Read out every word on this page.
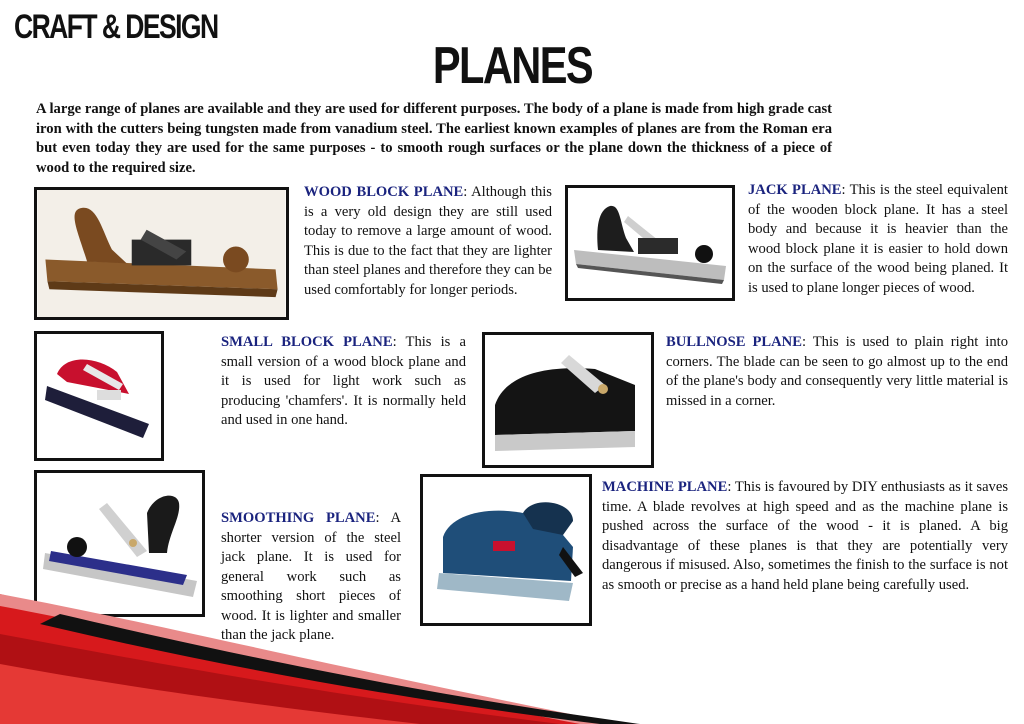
CRAFT & DESIGN
PLANES
A large range of planes are available and they are used for different purposes. The body of a plane is made from high grade cast iron with the cutters being tungsten made from vanadium steel. The earliest known examples of planes are from the Roman era but even today they are used for the same purposes - to smooth rough surfaces or the plane down the thickness of a piece of wood to the required size.
WOOD BLOCK PLANE: Although this is a very old design they are still used today to remove a large amount of wood. This is due to the fact that they are lighter than steel planes and therefore they can be used comfortably for longer periods.
JACK PLANE: This is the steel equivalent of the wooden block plane. It has a steel body and because it is heavier than the wood block plane it is easier to hold down on the surface of the wood being planed. It is used to plane longer pieces of wood.
SMALL BLOCK PLANE: This is a small version of a wood block plane and it is used for light work such as producing 'chamfers'. It is normally held and used in one hand.
BULLNOSE PLANE: This is used to plain right into corners. The blade can be seen to go almost up to the end of the plane's body and consequently very little material is missed in a corner.
SMOOTHING PLANE: A shorter version of the steel jack plane. It is used for general work such as smoothing short pieces of wood. It is lighter and smaller than the jack plane.
MACHINE PLANE: This is favoured by DIY enthusiasts as it saves time. A blade revolves at high speed and as the machine plane is pushed across the surface of the wood - it is planed. A big disadvantage of these planes is that they are potentially very dangerous if misused. Also, sometimes the finish to the surface is not as smooth or precise as a hand held plane being carefully used.
